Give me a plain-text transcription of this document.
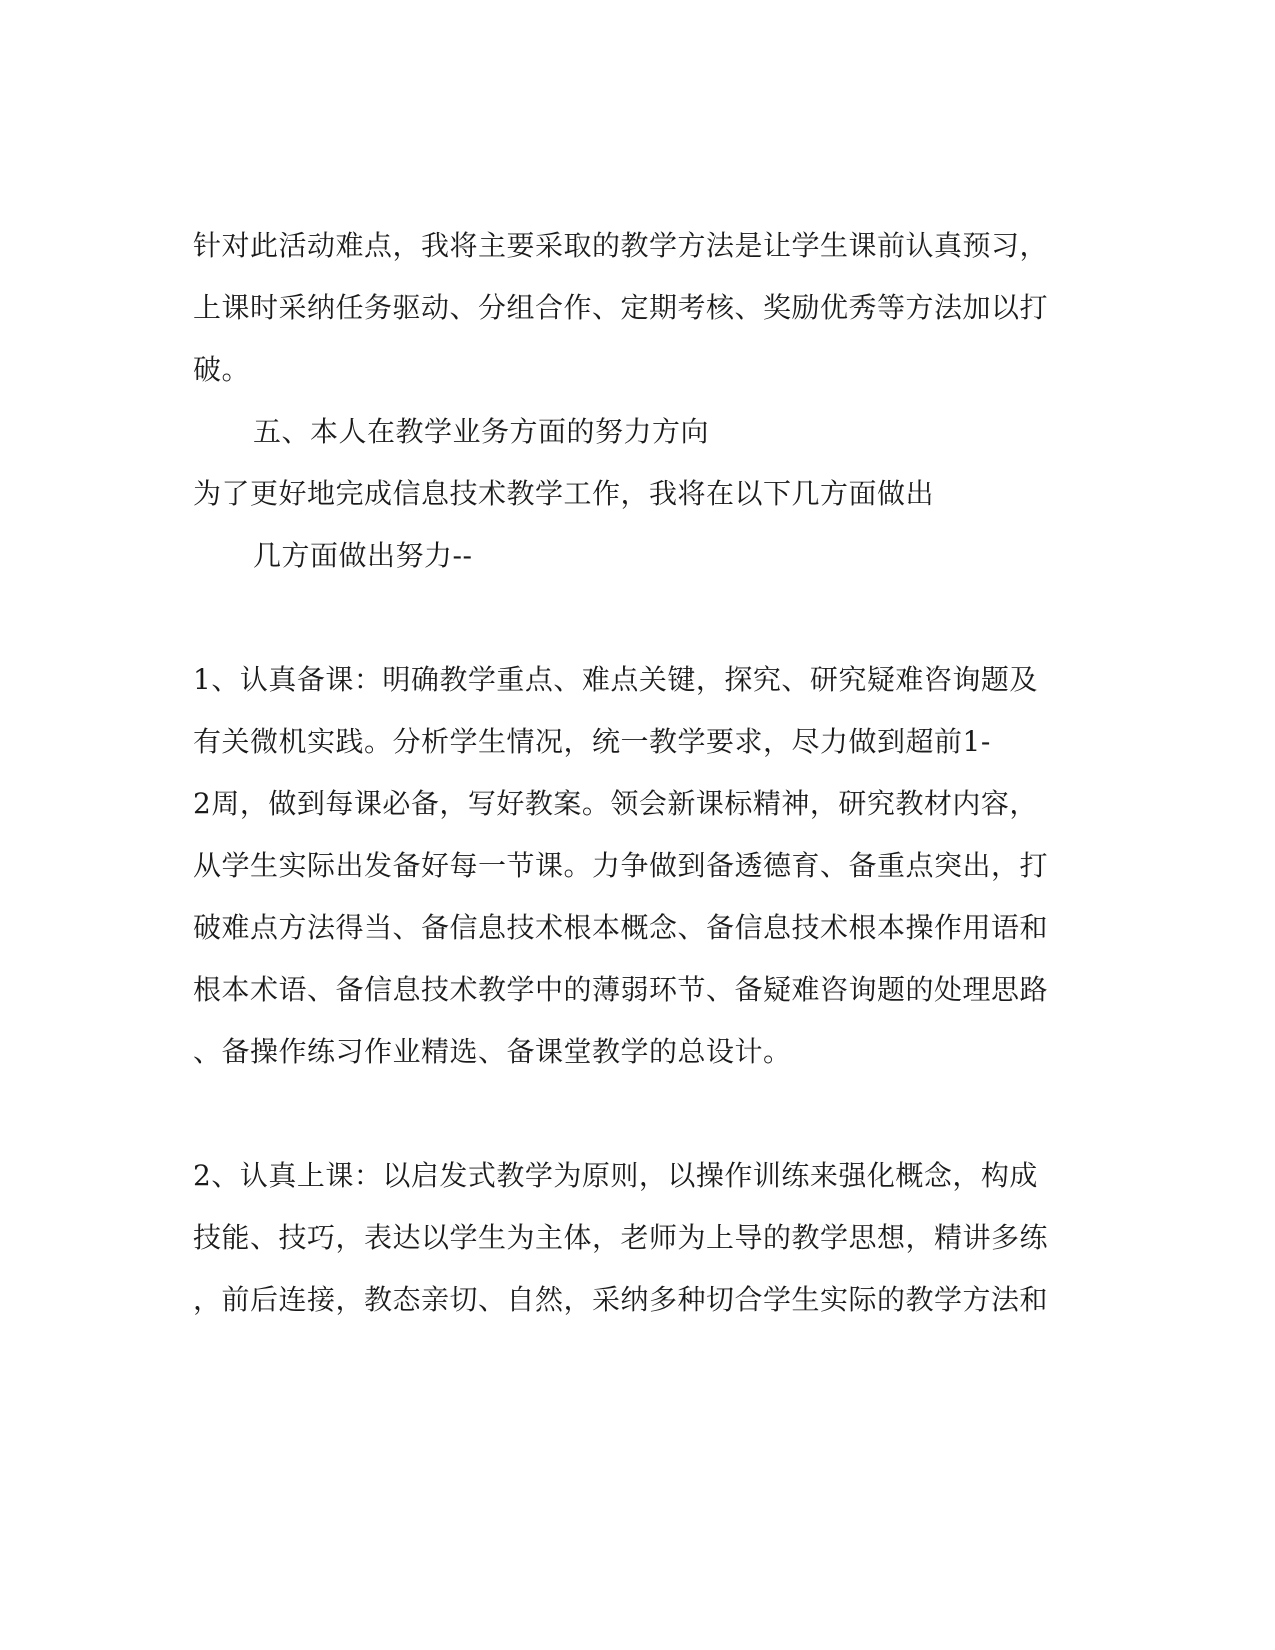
针对此活动难点，我将主要采取的教学方法是让学生课前认真预习，
上课时采纳任务驱动、分组合作、定期考核、奖励优秀等方法加以打
破。
五、本人在教学业务方面的努力方向
为了更好地完成信息技术教学工作，我将在以下几方面做出
几方面做出努力--
1、认真备课：明确教学重点、难点关键，探究、研究疑难咨询题及
有关微机实践。分析学生情况，统一教学要求，尽力做到超前1-
2周，做到每课必备，写好教案。领会新课标精神，研究教材内容，
从学生实际出发备好每一节课。力争做到备透德育、备重点突出，打
破难点方法得当、备信息技术根本概念、备信息技术根本操作用语和
根本术语、备信息技术教学中的薄弱环节、备疑难咨询题的处理思路
、备操作练习作业精选、备课堂教学的总设计。
2、认真上课：以启发式教学为原则，以操作训练来强化概念，构成
技能、技巧，表达以学生为主体，老师为上导的教学思想，精讲多练
，前后连接，教态亲切、自然，采纳多种切合学生实际的教学方法和
